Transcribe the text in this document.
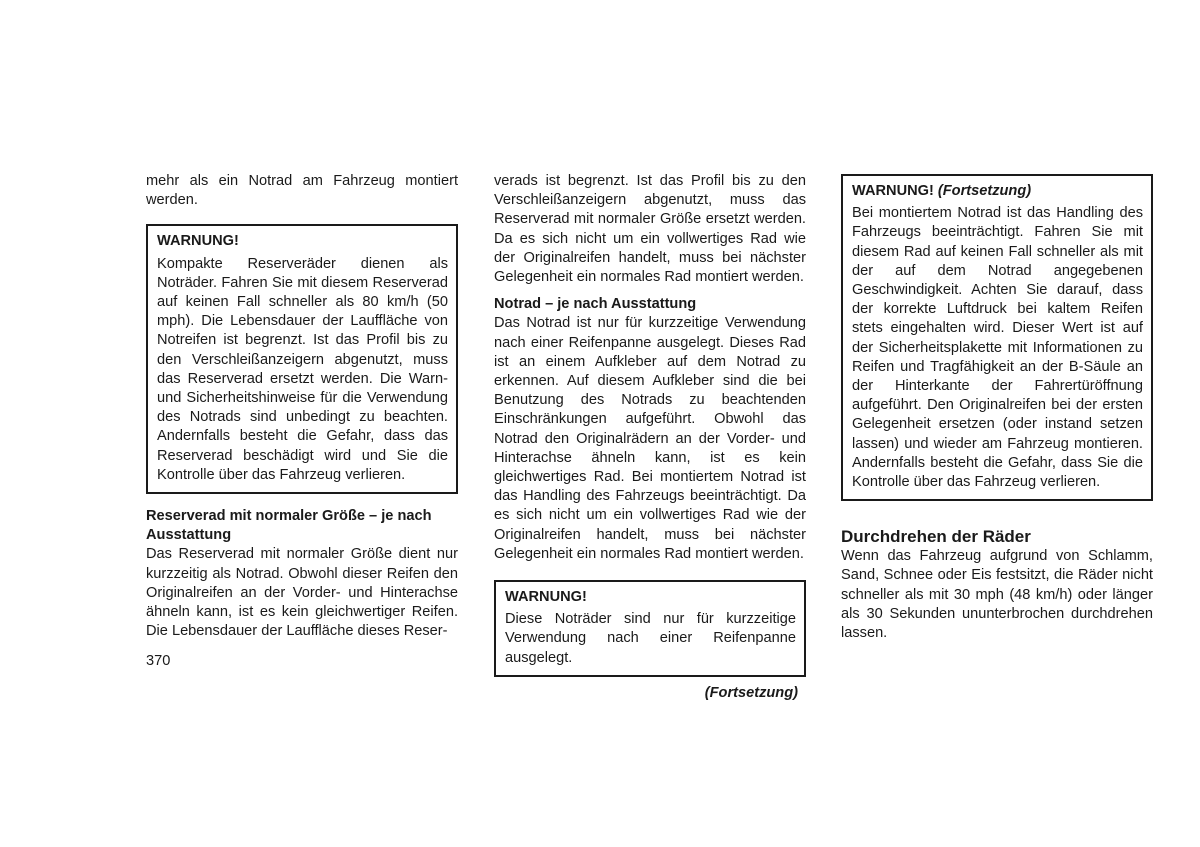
mehr als ein Notrad am Fahrzeug montiert werden.

WARNUNG!

Kompakte Reserveräder dienen als Noträder. Fahren Sie mit diesem Reserverad auf keinen Fall schneller als 80 km/h (50 mph). Die Lebensdauer der Lauffläche von Notreifen ist begrenzt. Ist das Profil bis zu den Verschleißanzeigern abgenutzt, muss das Reserverad ersetzt werden. Die Warn- und Sicherheitshinweise für die Verwendung des Notrads sind unbedingt zu beachten. Andernfalls besteht die Gefahr, dass das Reserverad beschädigt wird und Sie die Kontrolle über das Fahrzeug verlieren.

Reserverad mit normaler Größe – je nach Ausstattung

Das Reserverad mit normaler Größe dient nur kurzzeitig als Notrad. Obwohl dieser Reifen den Originalreifen an der Vorder- und Hinterachse ähneln kann, ist es kein gleichwertiger Reifen. Die Lebensdauer der Lauffläche dieses Reser-

verads ist begrenzt. Ist das Profil bis zu den Verschleißanzeigern abgenutzt, muss das Reserverad mit normaler Größe ersetzt werden. Da es sich nicht um ein vollwertiges Rad wie der Originalreifen handelt, muss bei nächster Gelegenheit ein normales Rad montiert werden.

Notrad – je nach Ausstattung

Das Notrad ist nur für kurzzeitige Verwendung nach einer Reifenpanne ausgelegt. Dieses Rad ist an einem Aufkleber auf dem Notrad zu erkennen. Auf diesem Aufkleber sind die bei Benutzung des Notrads zu beachtenden Einschränkungen aufgeführt. Obwohl das Notrad den Originalrädern an der Vorder- und Hinterachse ähneln kann, ist es kein gleichwertiges Rad. Bei montiertem Notrad ist das Handling des Fahrzeugs beeinträchtigt. Da es sich nicht um ein vollwertiges Rad wie der Originalreifen handelt, muss bei nächster Gelegenheit ein normales Rad montiert werden.

WARNUNG!

Diese Noträder sind nur für kurzzeitige Verwendung nach einer Reifenpanne ausgelegt.

(Fortsetzung)
WARNUNG! (Fortsetzung)

Bei montiertem Notrad ist das Handling des Fahrzeugs beeinträchtigt. Fahren Sie mit diesem Rad auf keinen Fall schneller als mit der auf dem Notrad angegebenen Geschwindigkeit. Achten Sie darauf, dass der korrekte Luftdruck bei kaltem Reifen stets eingehalten wird. Dieser Wert ist auf der Sicherheitsplakette mit Informationen zu Reifen und Tragfähigkeit an der B-Säule an der Hinterkante der Fahrertüröffnung aufgeführt. Den Originalreifen bei der ersten Gelegenheit ersetzen (oder instand setzen lassen) und wieder am Fahrzeug montieren. Andernfalls besteht die Gefahr, dass Sie die Kontrolle über das Fahrzeug verlieren.

Durchdrehen der Räder

Wenn das Fahrzeug aufgrund von Schlamm, Sand, Schnee oder Eis festsitzt, die Räder nicht schneller als mit 30 mph (48 km/h) oder länger als 30 Sekunden ununterbrochen durchdrehen lassen.

370
